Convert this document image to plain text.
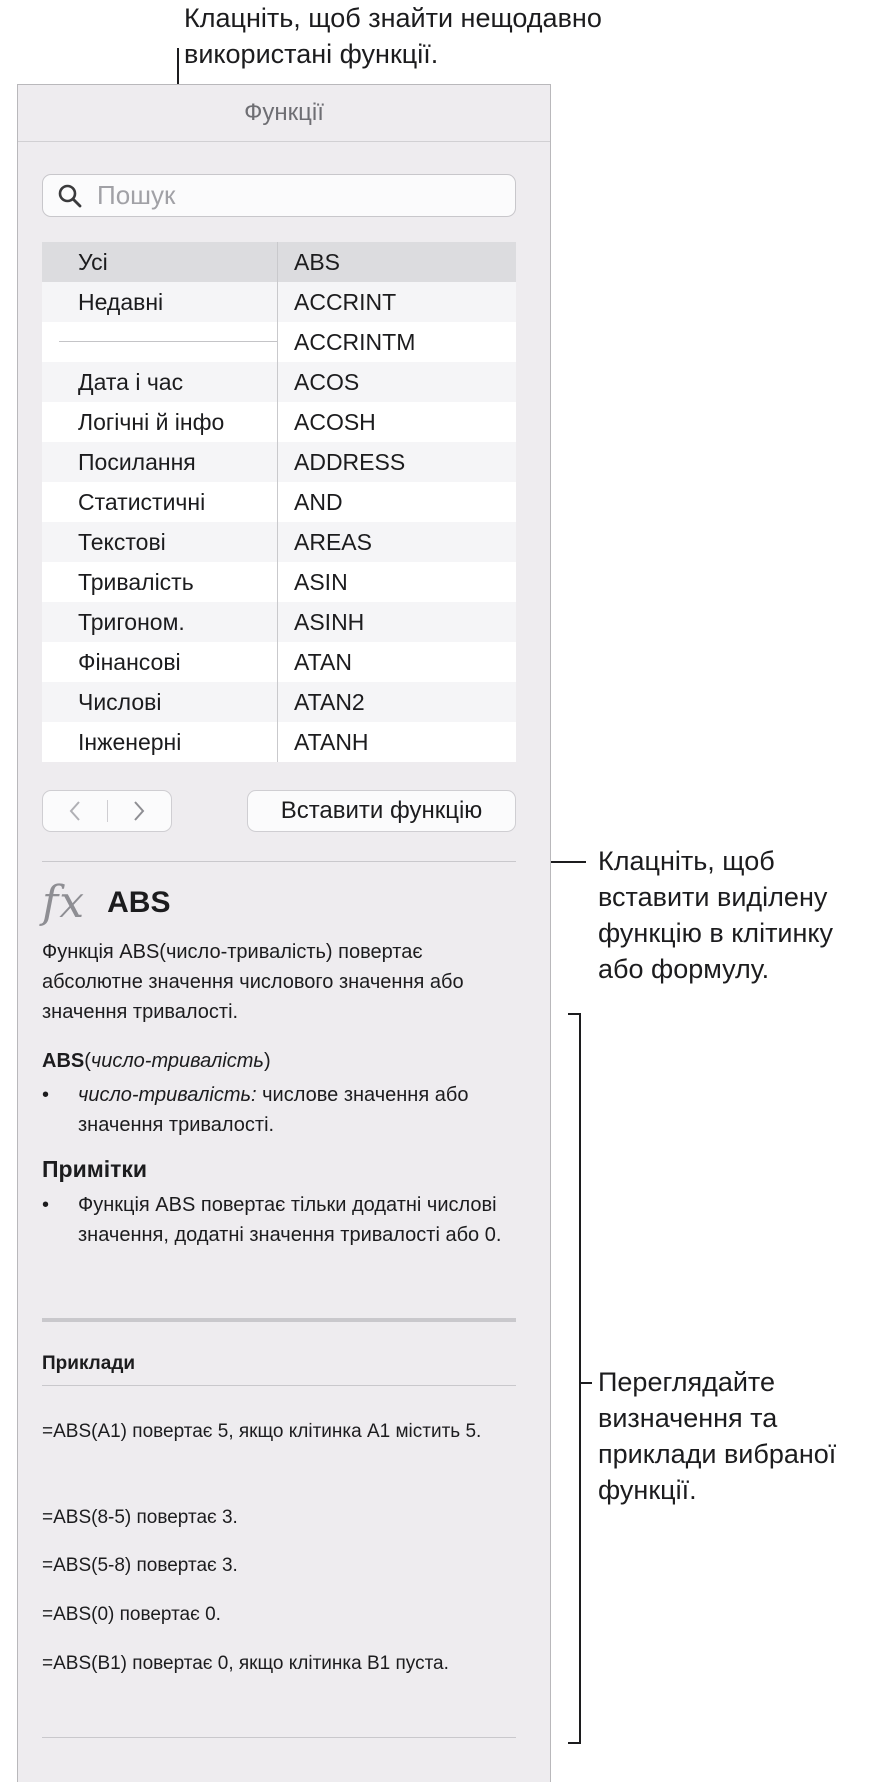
Клацніть, щоб знайти нещодавно
використані функції.
Клацніть, щоб
вставити виділену
функцію в клітинку
або формулу.
Переглядайте
визначення та
приклади вибраної
функції.
Функції
Пошук
Усі
Недавні
Дата і час
Логічні й інфо
Посилання
Статистичні
Текстові
Тривалість
Тригоном.
Фінансові
Числові
Інженерні
ABS
ACCRINT
ACCRINTM
ACOS
ACOSH
ADDRESS
AND
AREAS
ASIN
ASINH
ATAN
ATAN2
ATANH
Вставити функцію
fx ABS
Функція ABS(число-тривалість) повертає абсолютне значення числового значення або значення тривалості.
ABS(число-тривалість)
•	число-тривалість: числове значення або значення тривалості.
Примітки
•	Функція ABS повертає тільки додатні числові значення, додатні значення тривалості або 0.
Приклади
=ABS(A1) повертає 5, якщо клітинка A1 містить 5.
=ABS(8-5) повертає 3.
=ABS(5-8) повертає 3.
=ABS(0) повертає 0.
=ABS(B1) повертає 0, якщо клітинка B1 пуста.
